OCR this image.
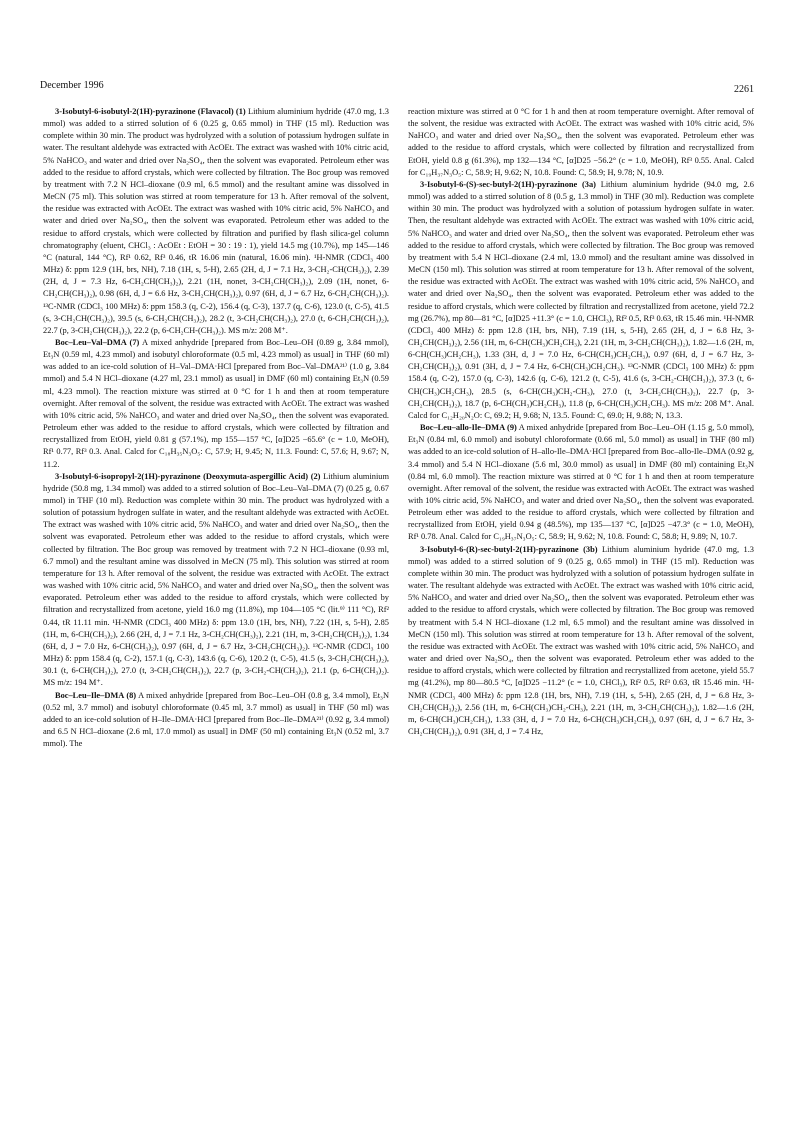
December 1996	2261

3-Isobutyl-6-isobutyl-2(1H)-pyrazinone (Flavacol) (1) Lithium aluminium hydride (47.0 mg, 1.3 mmol) was added to a stirred solution of 6 (0.25 g, 0.65 mmol) in THF (15 ml). Reduction was complete within 30 min. The product was hydrolyzed with a solution of potassium hydrogen sulfate in water. The resultant aldehyde was extracted with AcOEt. The extract was washed with 10% citric acid, 5% NaHCO₃ and water and dried over Na₂SO₄, then the solvent was evaporated. Petroleum ether was added to the residue to afford crystals, which were collected by filtration. The Boc group was removed by treatment with 7.2 N HCl–dioxane (0.9 ml, 6.5 mmol) and the resultant amine was dissolved in MeCN (75 ml). This solution was stirred at room temperature for 13 h. After removal of the solvent, the residue was extracted with AcOEt. The extract was washed with 10% citric acid, 5% NaHCO₃ and water and dried over Na₂SO₄, then the solvent was evaporated. Petroleum ether was added to the residue to afford crystals, which were collected by filtration and purified by flash silica-gel column chromatography (eluent, CHCl₃ : AcOEt : EtOH = 30 : 19 : 1), yield 14.5 mg (10.7%), mp 145—146 °C (natural, 144 °C), Rf¹ 0.62, Rf³ 0.46, tR 16.06 min (natural, 16.06 min). ¹H-NMR (CDCl₃ 400 MHz) δ: ppm 12.9 (1H, brs, NH), 7.18 (1H, s, 5-H), 2.65 (2H, d, J = 7.1 Hz, 3-CH₂-CH(CH₃)₂), 2.39 (2H, d, J = 7.3 Hz, 6-CH₂CH(CH₃)₂), 2.21 (1H, nonet, 3-CH₂CH(CH₃)₂), 2.09 (1H, nonet, 6-CH₂CH(CH₃)₂), 0.98 (6H, d, J = 6.6 Hz, 3-CH₂CH(CH₃)₂), 0.97 (6H, d, J = 6.7 Hz, 6-CH₂CH(CH₃)₂). ¹³C-NMR (CDCl₃ 100 MHz) δ: ppm 158.3 (q, C-2), 156.4 (q, C-3), 137.7 (q, C-6), 123.0 (t, C-5), 41.5 (s, 3-CH₂CH(CH₃)₂), 39.5 (s, 6-CH₂CH(CH₃)₂), 28.2 (t, 3-CH₂CH(CH₃)₂), 27.0 (t, 6-CH₂CH(CH₃)₂), 22.7 (p, 3-CH₂CH(CH₃)₂), 22.2 (p, 6-CH₂CH-(CH₃)₂). MS m/z: 208 M⁺.

Boc–Leu–Val–DMA (7) A mixed anhydride [prepared from Boc–Leu–OH (0.89 g, 3.84 mmol), Et₃N (0.59 ml, 4.23 mmol) and isobutyl chloroformate (0.5 ml, 4.23 mmol) as usual] in THF (60 ml) was added to an ice-cold solution of H–Val–DMA·HCl [prepared from Boc–Val–DMA²¹⁾ (1.0 g, 3.84 mmol) and 5.4 N HCl–dioxane (4.27 ml, 23.1 mmol) as usual] in DMF (60 ml) containing Et₃N (0.59 ml, 4.23 mmol). The reaction mixture was stirred at 0 °C for 1 h and then at room temperature overnight. After removal of the solvent, the residue was extracted with AcOEt. The extract was washed with 10% citric acid, 5% NaHCO₃ and water and dried over Na₂SO₄, then the solvent was evaporated. Petroleum ether was added to the residue to afford crystals, which were collected by filtration and recrystallized from EtOH, yield 0.81 g (57.1%), mp 155—157 °C, [α]D25 −65.6° (c = 1.0, MeOH), Rf¹ 0.77, Rf³ 0.3. Anal. Calcd for C₁₈H₃₅N₃O₅: C, 57.9; H, 9.45; N, 11.3. Found: C, 57.6; H, 9.67; N, 11.2.

3-Isobutyl-6-isopropyl-2(1H)-pyrazinone (Deoxymuta-aspergillic Acid) (2) Lithium aluminium hydride (50.8 mg, 1.34 mmol) was added to a stirred solution of Boc–Leu–Val–DMA (7) (0.25 g, 0.67 mmol) in THF (10 ml). Reduction was complete within 30 min. The product was hydrolyzed with a solution of potassium hydrogen sulfate in water, and the resultant aldehyde was extracted with AcOEt. The extract was washed with 10% citric acid, 5% NaHCO₃ and water and dried over Na₂SO₄, then the solvent was evaporated. Petroleum ether was added to the residue to afford crystals, which were collected by filtration. The Boc group was removed by treatment with 7.2 N HCl–dioxane (0.93 ml, 6.7 mmol) and the resultant amine was dissolved in MeCN (75 ml). This solution was stirred at room temperature for 13 h. After removal of the solvent, the residue was extracted with AcOEt. The extract was washed with 10% citric acid, 5% NaHCO₃ and water and dried over Na₂SO₄, then the solvent was evaporated. Petroleum ether was added to the residue to afford crystals, which were collected by filtration and recrystallized from acetone, yield 16.0 mg (11.8%), mp 104—105 °C (lit.⁹⁾ 111 °C), Rf² 0.44, tR 11.11 min. ¹H-NMR (CDCl₃ 400 MHz) δ: ppm 13.0 (1H, brs, NH), 7.22 (1H, s, 5-H), 2.85 (1H, m, 6-CH(CH₃)₂), 2.66 (2H, d, J = 7.1 Hz, 3-CH₂CH(CH₃)₂), 2.21 (1H, m, 3-CH₂CH(CH₃)₂), 1.34 (6H, d, J = 7.0 Hz, 6-CH(CH₃)₂), 0.97 (6H, d, J = 6.7 Hz, 3-CH₂CH(CH₃)₂). ¹³C-NMR (CDCl₃ 100 MHz) δ: ppm 158.4 (q, C-2), 157.1 (q, C-3), 143.6 (q, C-6), 120.2 (t, C-5), 41.5 (s, 3-CH₂CH(CH₃)₂), 30.1 (t, 6-CH(CH₃)₂), 27.0 (t, 3-CH₂CH(CH₃)₂), 22.7 (p, 3-CH₂-CH(CH₃)₂), 21.1 (p, 6-CH(CH₃)₂). MS m/z: 194 M⁺.

Boc–Leu–Ile–DMA (8) A mixed anhydride [prepared from Boc–Leu–OH (0.8 g, 3.4 mmol), Et₃N (0.52 ml, 3.7 mmol) and isobutyl chloroformate (0.45 ml, 3.7 mmol) as usual] in THF (50 ml) was added to an ice-cold solution of H–Ile–DMA·HCl [prepared from Boc–Ile–DMA²¹⁾ (0.92 g, 3.4 mmol) and 6.5 N HCl–dioxane (2.6 ml, 17.0 mmol) as usual] in DMF (50 ml) containing Et₃N (0.52 ml, 3.7 mmol). The

reaction mixture was stirred at 0 °C for 1 h and then at room temperature overnight. After removal of the solvent, the residue was extracted with AcOEt. The extract was washed with 10% citric acid, 5% NaHCO₃ and water and dried over Na₂SO₄, then the solvent was evaporated. Petroleum ether was added to the residue to afford crystals, which were collected by filtration and recrystallized from EtOH, yield 0.8 g (61.3%), mp 132—134 °C, [α]D25 −56.2° (c = 1.0, MeOH), Rf³ 0.55. Anal. Calcd for C₁₉H₃₇N₃O₅: C, 58.9; H, 9.62; N, 10.8. Found: C, 58.9; H, 9.78; N, 10.9.

3-Isobutyl-6-(S)-sec-butyl-2(1H)-pyrazinone (3a) Lithium aluminium hydride (94.0 mg, 2.6 mmol) was added to a stirred solution of 8 (0.5 g, 1.3 mmol) in THF (30 ml). Reduction was complete within 30 min. The product was hydrolyzed with a solution of potassium hydrogen sulfate in water. Then, the resultant aldehyde was extracted with AcOEt. The extract was washed with 10% citric acid, 5% NaHCO₃ and water and dried over Na₂SO₄, then the solvent was evaporated. Petroleum ether was added to the residue to afford crystals, which were collected by filtration. The Boc group was removed by treatment with 5.4 N HCl–dioxane (2.4 ml, 13.0 mmol) and the resultant amine was dissolved in MeCN (150 ml). This solution was stirred at room temperature for 13 h. After removal of the solvent, the residue was extracted with AcOEt. The extract was washed with 10% citric acid, 5% NaHCO₃ and water and dried over Na₂SO₄, then the solvent was evaporated. Petroleum ether was added to the residue to afford crystals, which were collected by filtration and recrystallized from acetone, yield 72.2 mg (26.7%), mp 80—81 °C, [α]D25 +11.3° (c = 1.0, CHCl₃), Rf² 0.5, Rf³ 0.63, tR 15.46 min. ¹H-NMR (CDCl₃ 400 MHz) δ: ppm 12.8 (1H, brs, NH), 7.19 (1H, s, 5-H), 2.65 (2H, d, J = 6.8 Hz, 3-CH₂CH(CH₃)₂), 2.56 (1H, m, 6-CH(CH₃)CH₂CH₃), 2.21 (1H, m, 3-CH₂CH(CH₃)₂), 1.82—1.6 (2H, m, 6-CH(CH₃)CH₂CH₃), 1.33 (3H, d, J = 7.0 Hz, 6-CH(CH₃)CH₂CH₃), 0.97 (6H, d, J = 6.7 Hz, 3-CH₂CH(CH₃)₂), 0.91 (3H, d, J = 7.4 Hz, 6-CH(CH₃)CH₂CH₃). ¹³C-NMR (CDCl₃ 100 MHz) δ: ppm 158.4 (q, C-2), 157.0 (q, C-3), 142.6 (q, C-6), 121.2 (t, C-5), 41.6 (s, 3-CH₂-CH(CH₃)₂), 37.3 (t, 6-CH(CH₃)CH₂CH₃), 28.5 (s, 6-CH(CH₃)CH₂-CH₃), 27.0 (t, 3-CH₂CH(CH₃)₂), 22.7 (p, 3-CH₂CH(CH₃)₂), 18.7 (p, 6-CH(CH₃)CH₂CH₃), 11.8 (p, 6-CH(CH₃)CH₂CH₃). MS m/z: 208 M⁺. Anal. Calcd for C₁₂H₂₀N₂O: C, 69.2; H, 9.68; N, 13.5. Found: C, 69.0; H, 9.88; N, 13.3.

Boc–Leu–allo-Ile–DMA (9) A mixed anhydride [prepared from Boc–Leu–OH (1.15 g, 5.0 mmol), Et₃N (0.84 ml, 6.0 mmol) and isobutyl chloroformate (0.66 ml, 5.0 mmol) as usual] in THF (80 ml) was added to an ice-cold solution of H–allo-Ile–DMA·HCl [prepared from Boc–allo-Ile–DMA (0.92 g, 3.4 mmol) and 5.4 N HCl–dioxane (5.6 ml, 30.0 mmol) as usual] in DMF (80 ml) containing Et₃N (0.84 ml, 6.0 mmol). The reaction mixture was stirred at 0 °C for 1 h and then at room temperature overnight. After removal of the solvent, the residue was extracted with AcOEt. The extract was washed with 10% citric acid, 5% NaHCO₃ and water and dried over Na₂SO₄, then the solvent was evaporated. Petroleum ether was added to the residue to afford crystals, which were collected by filtration and recrystallized from EtOH, yield 0.94 g (48.5%), mp 135—137 °C, [α]D25 −47.3° (c = 1.0, MeOH), Rf¹ 0.78. Anal. Calcd for C₁₉H₃₇N₃O₅: C, 58.9; H, 9.62; N, 10.8. Found: C, 58.8; H, 9.89; N, 10.7.

3-Isobutyl-6-(R)-sec-butyl-2(1H)-pyrazinone (3b) Lithium aluminium hydride (47.0 mg, 1.3 mmol) was added to a stirred solution of 9 (0.25 g, 0.65 mmol) in THF (15 ml). Reduction was complete within 30 min. The product was hydrolyzed with a solution of potassium hydrogen sulfate in water. The resultant aldehyde was extracted with AcOEt. The extract was washed with 10% citric acid, 5% NaHCO₃ and water and dried over Na₂SO₄, then the solvent was evaporated. Petroleum ether was added to the residue to afford crystals, which were collected by filtration. The Boc group was removed by treatment with 5.4 N HCl–dioxane (1.2 ml, 6.5 mmol) and the resultant amine was dissolved in MeCN (150 ml). This solution was stirred at room temperature for 13 h. After removal of the solvent, the residue was extracted with AcOEt. The extract was washed with 10% citric acid, 5% NaHCO₃ and water and dried over Na₂SO₄, then the solvent was evaporated. Petroleum ether was added to the residue to afford crystals, which were collected by filtration and recrystallized from acetone, yield 55.7 mg (41.2%), mp 80—80.5 °C, [α]D25 −11.2° (c = 1.0, CHCl₃), Rf² 0.5, Rf³ 0.63, tR 15.46 min. ¹H-NMR (CDCl₃ 400 MHz) δ: ppm 12.8 (1H, brs, NH), 7.19 (1H, s, 5-H), 2.65 (2H, d, J = 6.8 Hz, 3-CH₂CH(CH₃)₂), 2.56 (1H, m, 6-CH(CH₃)CH₂-CH₃), 2.21 (1H, m, 3-CH₂CH(CH₃)₂), 1.82—1.6 (2H, m, 6-CH(CH₃)CH₂CH₃), 1.33 (3H, d, J = 7.0 Hz, 6-CH(CH₃)CH₂CH₃), 0.97 (6H, d, J = 6.7 Hz, 3-CH₂CH(CH₃)₂), 0.91 (3H, d, J = 7.4 Hz,
